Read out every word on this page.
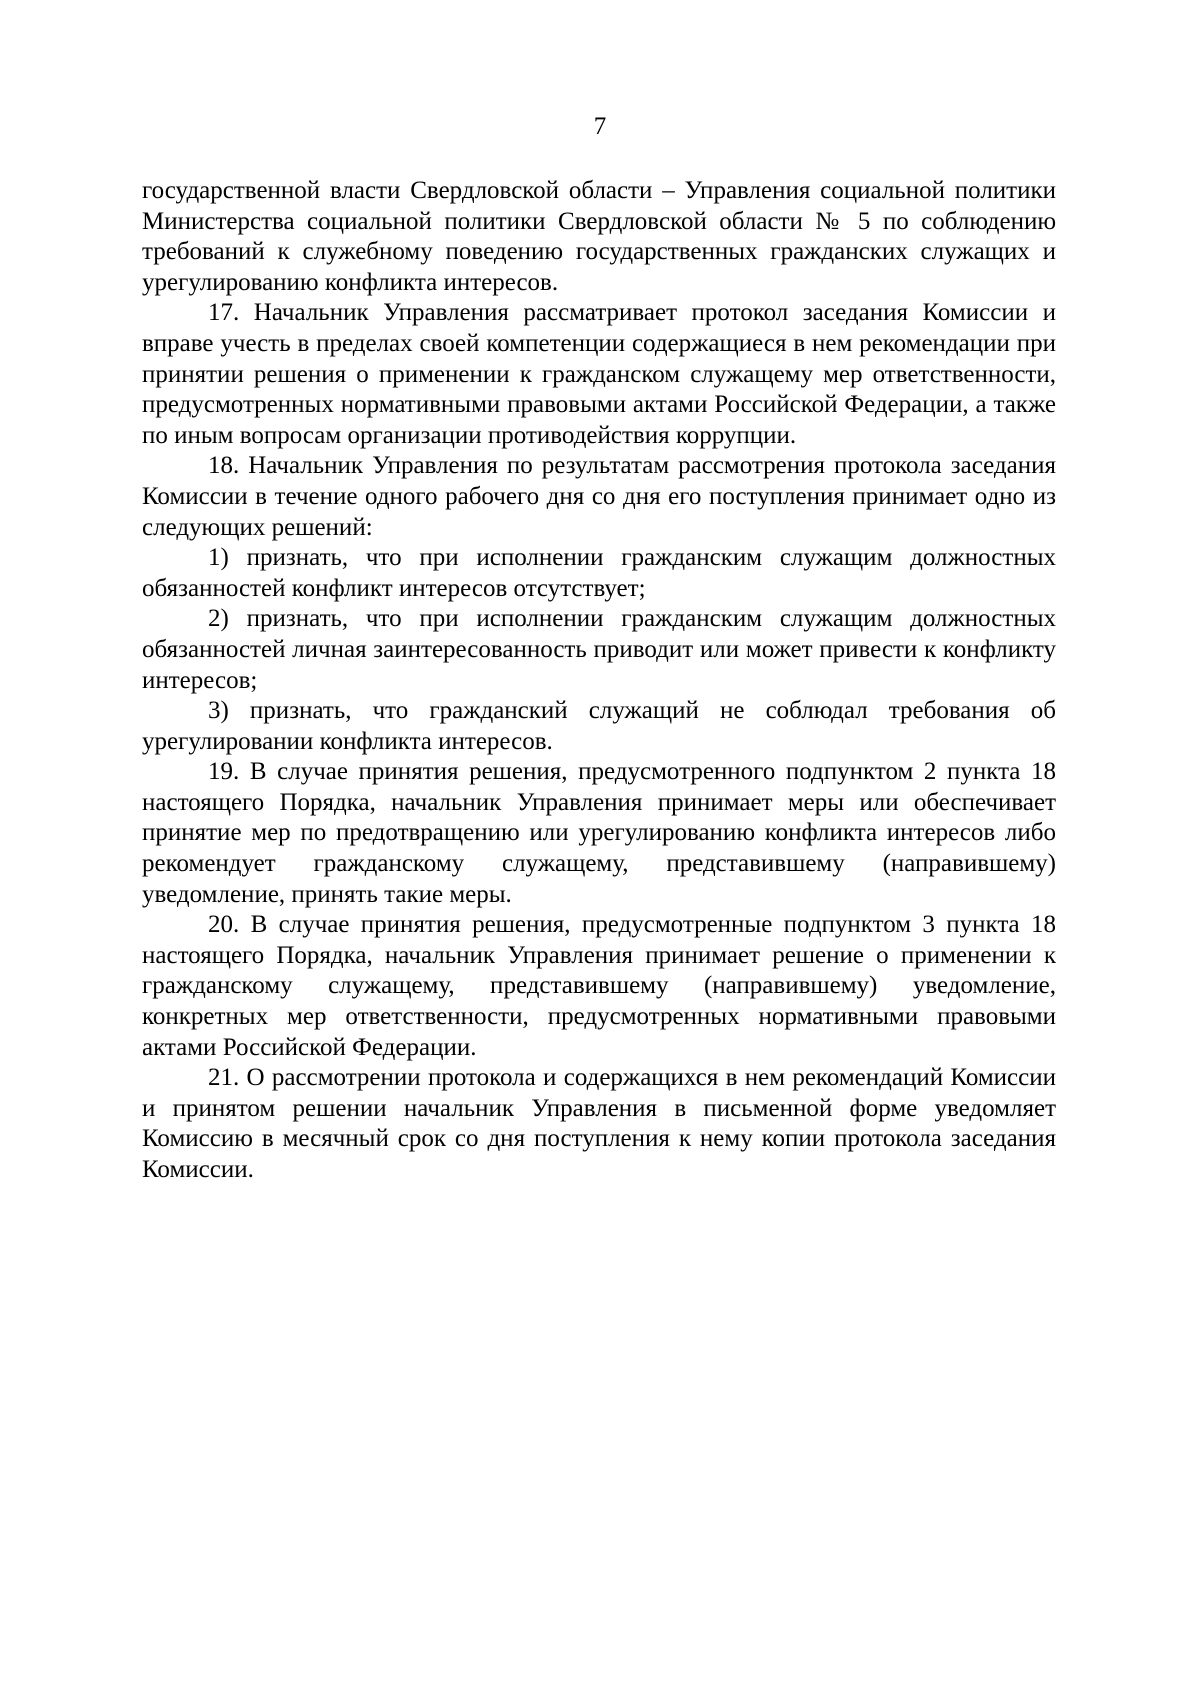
7

государственной власти Свердловской области – Управления социальной политики Министерства социальной политики Свердловской области № 5 по соблюдению требований к служебному поведению государственных гражданских служащих и урегулированию конфликта интересов.

17. Начальник Управления рассматривает протокол заседания Комиссии и вправе учесть в пределах своей компетенции содержащиеся в нем рекомендации при принятии решения о применении к гражданском служащему мер ответственности, предусмотренных нормативными правовыми актами Российской Федерации, а также по иным вопросам организации противодействия коррупции.

18. Начальник Управления по результатам рассмотрения протокола заседания Комиссии в течение одного рабочего дня со дня его поступления принимает одно из следующих решений:

1) признать, что при исполнении гражданским служащим должностных обязанностей конфликт интересов отсутствует;

2) признать, что при исполнении гражданским служащим должностных обязанностей личная заинтересованность приводит или может привести к конфликту интересов;

3) признать, что гражданский служащий не соблюдал требования об урегулировании конфликта интересов.

19. В случае принятия решения, предусмотренного подпунктом 2 пункта 18 настоящего Порядка, начальник Управления принимает меры или обеспечивает принятие мер по предотвращению или урегулированию конфликта интересов либо рекомендует гражданскому служащему, представившему (направившему) уведомление, принять такие меры.

20. В случае принятия решения, предусмотренные подпунктом 3 пункта 18 настоящего Порядка, начальник Управления принимает решение о применении к гражданскому служащему, представившему (направившему) уведомление, конкретных мер ответственности, предусмотренных нормативными правовыми актами Российской Федерации.

21. О рассмотрении протокола и содержащихся в нем рекомендаций Комиссии и принятом решении начальник Управления в письменной форме уведомляет Комиссию в месячный срок со дня поступления к нему копии протокола заседания Комиссии.
